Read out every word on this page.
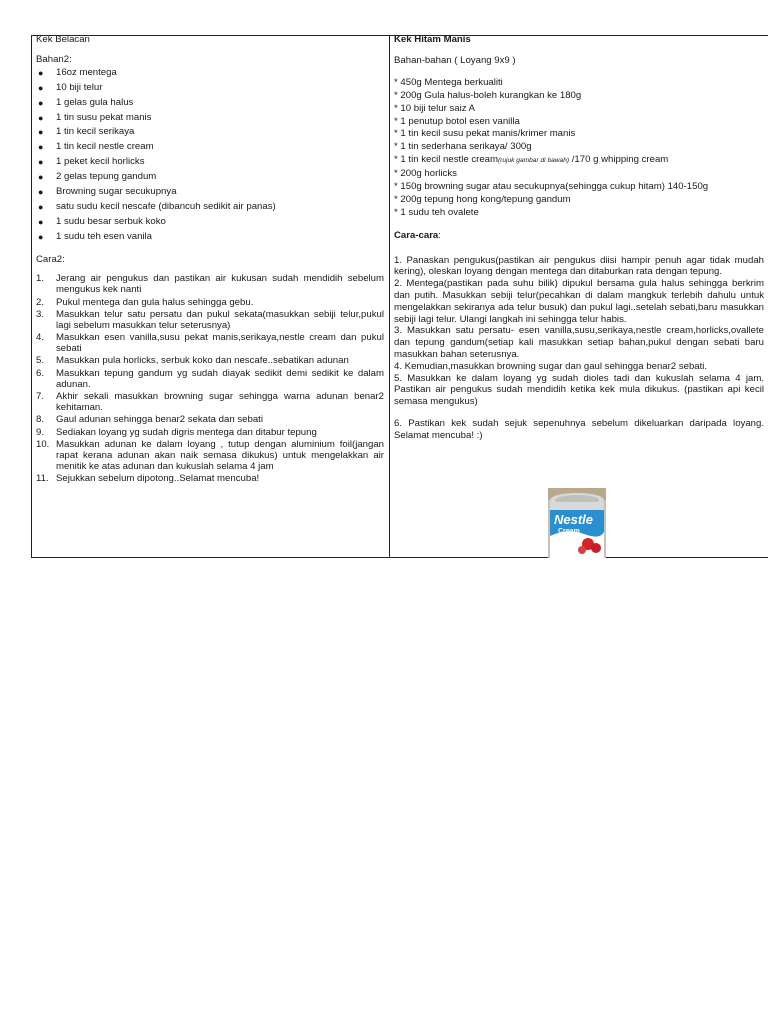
Kek Belacan

Bahan2:

● 16oz mentega
● 10 biji telur
● 1 gelas gula halus
● 1 tin susu pekat manis
● 1 tin kecil serikaya
● 1 tin kecil nestle cream
● 1 peket kecil horlicks
● 2 gelas tepung gandum
● Browning sugar secukupnya
● satu sudu kecil nescafe (dibancuh sedikit air panas)
● 1 sudu besar serbuk koko
● 1 sudu teh esen vanila

Cara2:

1. Jerang air pengukus dan pastikan air kukusan sudah mendidih sebelum mengukus kek nanti
2. Pukul mentega dan gula halus sehingga gebu.
3. Masukkan telur satu persatu dan pukul sekata(masukkan sebiji telur,pukul lagi sebelum masukkan telur seterusnya)
4. Masukkan esen vanilla,susu pekat manis,serikaya,nestle cream dan pukul sebati
5. Masukkan pula horlicks, serbuk koko dan nescafe..sebatikan adunan
6. Masukkan tepung gandum yg sudah diayak sedikit demi sedikit ke dalam adunan.
7. Akhir sekali masukkan browning sugar sehingga warna adunan benar2 kehitaman.
8. Gaul adunan sehingga benar2 sekata dan sebati
9. Sediakan loyang yg sudah digris mentega dan ditabur tepung
10. Masukkan adunan ke dalam loyang , tutup dengan aluminium foil(jangan rapat kerana adunan akan naik semasa dikukus) untuk mengelakkan air menitik ke atas adunan dan kukuslah selama 4 jam
11. Sejukkan sebelum dipotong..Selamat mencuba!

Kek Hitam Manis

Bahan-bahan ( Loyang 9x9 )

* 450g Mentega berkualiti
* 200g Gula halus-boleh kurangkan ke 180g
* 10 biji telur saiz A
* 1 penutup botol esen vanilla
* 1 tin kecil susu pekat manis/krimer manis
* 1 tin sederhana serikaya/ 300g
* 1 tin kecil nestle cream(rujuk gambar di bawah) /170 g whipping cream
* 200g horlicks
* 150g browning sugar atau secukupnya(sehingga cukup hitam) 140-150g
* 200g tepung hong kong/tepung gandum
* 1 sudu teh ovalete

Cara-cara:

1. Panaskan pengukus(pastikan air pengukus diisi hampir penuh agar tidak mudah kering), oleskan loyang dengan mentega dan ditaburkan rata dengan tepung.

2. Mentega(pastikan pada suhu bilik) dipukul bersama gula halus sehingga berkrim dan putih. Masukkan sebiji telur(pecahkan di dalam mangkuk terlebih dahulu untuk mengelakkan sekiranya ada telur busuk) dan pukul lagi..setelah sebati,baru masukkan sebiji lagi telur. Ulangi langkah ini sehingga telur habis.

3. Masukkan satu persatu- esen vanilla,susu,serikaya,nestle cream,horlicks,ovallete dan tepung gandum(setiap kali masukkan setiap bahan,pukul dengan sebati baru masukkan bahan seterusnya.

4. Kemudian,masukkan browning sugar dan gaul sehingga benar2 sebati.

5. Masukkan ke dalam loyang yg sudah dioles tadi dan kukuslah selama 4 jam. Pastikan air pengukus sudah mendidih ketika kek mula dikukus. (pastikan api kecil semasa mengukus)

6. Pastikan kek sudah sejuk sepenuhnya sebelum dikeluarkan daripada loyang. Selamat mencuba! :)

Nestle
Cream
